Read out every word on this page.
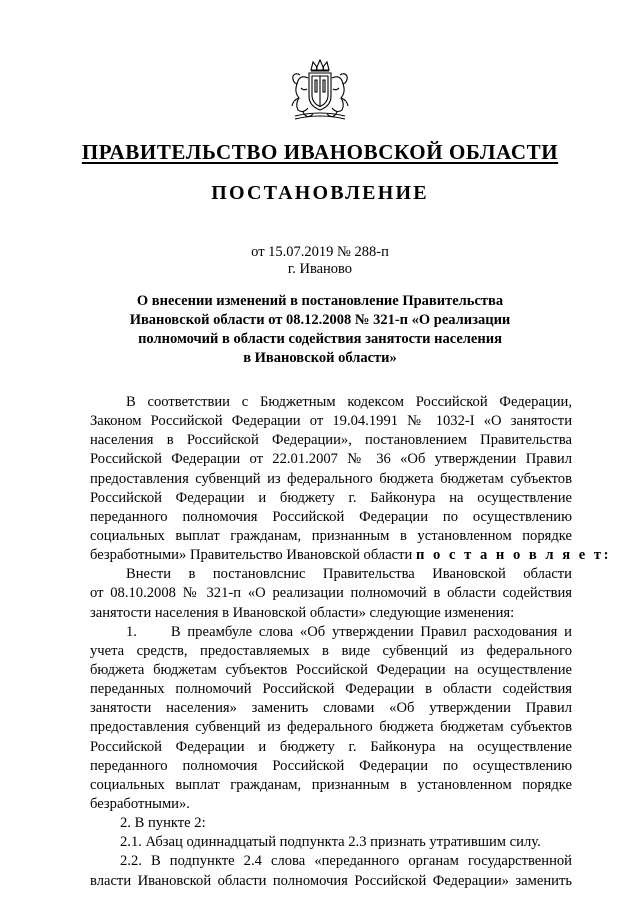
ПРАВИТЕЛЬСТВО ИВАНОВСКОЙ ОБЛАСТИ
ПОСТАНОВЛЕНИЕ
от 15.07.2019 № 288-п
г. Иваново
О внесении изменений в постановление Правительства
Ивановской области от 08.12.2008 № 321-п «О реализации
полномочий в области содействия занятости населения
в Ивановской области»
В соответствии с Бюджетным кодексом Российской Федерации,
Законом Российской Федерации от 19.04.1991 № 1032-I «О занятости
населения в Российской Федерации», постановлением Правительства
Российской Федерации от 22.01.2007 № 36 «Об утверждении Правил
предоставления субвенций из федерального бюджета бюджетам субъектов
Российской Федерации и бюджету г. Байконура на осуществление
переданного полномочия Российской Федерации по осуществлению
социальных выплат гражданам, признанным в установленном порядке
безработными» Правительство Ивановской области п о с т а н о в л я е т:
Внести в постановлснис Правительства Ивановской области
от 08.10.2008 № 321-п «О реализации полномочий в области содействия
занятости населения в Ивановской области» следующие изменения:
1.     В преамбуле слова «Об утверждении Правил расходования и
учета средств, предоставляемых в виде субвенций из федерального
бюджета бюджетам субъектов Российской Федерации на осуществление
переданных полномочий Российской Федерации в области содействия
занятости населения» заменить словами «Об утверждении Правил
предоставления субвенций из федерального бюджета бюджетам субъектов
Российской Федерации и бюджету г. Байконура на осуществление
переданного полномочия Российской Федерации по осуществлению
социальных выплат гражданам, признанным в установленном порядке
безработными».
2. В пункте 2:
2.1. Абзац одиннадцатый подпункта 2.3 признать утратившим силу.
2.2. В подпункте 2.4 слова «переданного органам государственной
власти Ивановской области полномочия Российской Федерации» заменить
